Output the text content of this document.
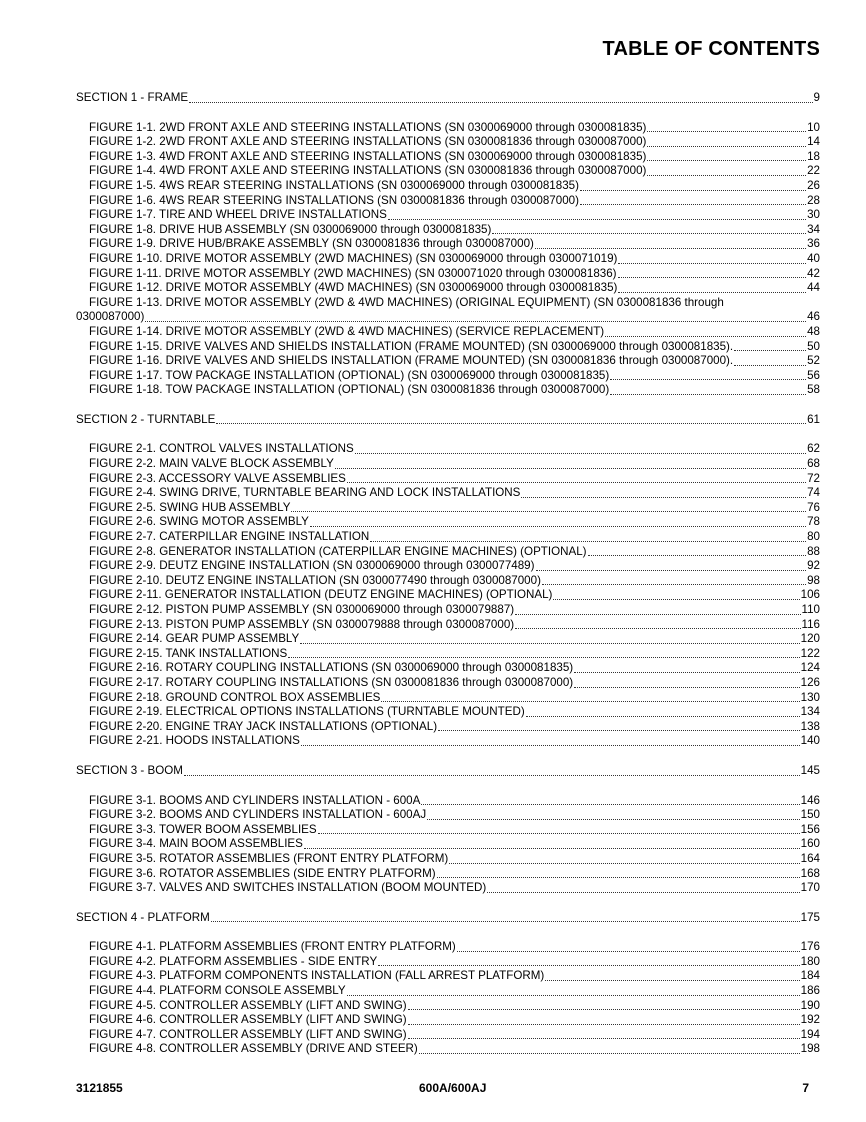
TABLE OF CONTENTS
SECTION 1 - FRAME	9
FIGURE 1-1. 2WD FRONT AXLE AND STEERING INSTALLATIONS (SN 0300069000 through 0300081835)	10
FIGURE 1-2. 2WD FRONT AXLE AND STEERING INSTALLATIONS (SN 0300081836 through 0300087000)	14
FIGURE 1-3. 4WD FRONT AXLE AND STEERING INSTALLATIONS (SN 0300069000 through 0300081835)	18
FIGURE 1-4. 4WD FRONT AXLE AND STEERING INSTALLATIONS (SN 0300081836 through 0300087000)	22
FIGURE 1-5. 4WS REAR STEERING INSTALLATIONS (SN 0300069000 through 0300081835)	26
FIGURE 1-6. 4WS REAR STEERING INSTALLATIONS (SN 0300081836 through 0300087000)	28
FIGURE 1-7. TIRE AND WHEEL DRIVE INSTALLATIONS	30
FIGURE 1-8. DRIVE HUB ASSEMBLY (SN 0300069000 through 0300081835)	34
FIGURE 1-9. DRIVE HUB/BRAKE ASSEMBLY (SN 0300081836 through 0300087000)	36
FIGURE 1-10. DRIVE MOTOR ASSEMBLY (2WD MACHINES) (SN 0300069000 through 0300071019)	40
FIGURE 1-11. DRIVE MOTOR ASSEMBLY (2WD MACHINES) (SN 0300071020 through 0300081836)	42
FIGURE 1-12. DRIVE MOTOR ASSEMBLY (4WD MACHINES) (SN 0300069000 through 0300081835)	44
FIGURE 1-13. DRIVE MOTOR ASSEMBLY (2WD & 4WD MACHINES) (ORIGINAL EQUIPMENT) (SN 0300081836 through
0300087000)	46
FIGURE 1-14. DRIVE MOTOR ASSEMBLY (2WD & 4WD MACHINES) (SERVICE REPLACEMENT)	48
FIGURE 1-15. DRIVE VALVES AND SHIELDS INSTALLATION (FRAME MOUNTED) (SN 0300069000 through 0300081835).	50
FIGURE 1-16. DRIVE VALVES AND SHIELDS INSTALLATION (FRAME MOUNTED) (SN 0300081836 through 0300087000).	52
FIGURE 1-17. TOW PACKAGE INSTALLATION (OPTIONAL) (SN 0300069000 through 0300081835)	56
FIGURE 1-18. TOW PACKAGE INSTALLATION (OPTIONAL) (SN 0300081836 through 0300087000)	58
SECTION 2 - TURNTABLE	61
FIGURE 2-1. CONTROL VALVES INSTALLATIONS	62
FIGURE 2-2. MAIN VALVE BLOCK ASSEMBLY	68
FIGURE 2-3. ACCESSORY VALVE ASSEMBLIES	72
FIGURE 2-4. SWING DRIVE, TURNTABLE BEARING AND LOCK INSTALLATIONS	74
FIGURE 2-5. SWING HUB ASSEMBLY	76
FIGURE 2-6. SWING MOTOR ASSEMBLY	78
FIGURE 2-7. CATERPILLAR ENGINE INSTALLATION	80
FIGURE 2-8. GENERATOR INSTALLATION (CATERPILLAR ENGINE MACHINES) (OPTIONAL)	88
FIGURE 2-9. DEUTZ ENGINE INSTALLATION (SN 0300069000 through 0300077489)	92
FIGURE 2-10. DEUTZ ENGINE INSTALLATION (SN 0300077490 through 0300087000)	98
FIGURE 2-11. GENERATOR INSTALLATION (DEUTZ ENGINE MACHINES) (OPTIONAL)	106
FIGURE 2-12. PISTON PUMP ASSEMBLY (SN 0300069000 through 0300079887)	110
FIGURE 2-13. PISTON PUMP ASSEMBLY (SN 0300079888 through 0300087000)	116
FIGURE 2-14. GEAR PUMP ASSEMBLY	120
FIGURE 2-15. TANK INSTALLATIONS	122
FIGURE 2-16. ROTARY COUPLING INSTALLATIONS (SN 0300069000 through 0300081835)	124
FIGURE 2-17. ROTARY COUPLING INSTALLATIONS (SN 0300081836 through 0300087000)	126
FIGURE 2-18. GROUND CONTROL BOX ASSEMBLIES	130
FIGURE 2-19. ELECTRICAL OPTIONS INSTALLATIONS (TURNTABLE MOUNTED)	134
FIGURE 2-20. ENGINE TRAY JACK INSTALLATIONS (OPTIONAL)	138
FIGURE 2-21. HOODS INSTALLATIONS	140
SECTION 3 - BOOM	145
FIGURE 3-1. BOOMS AND CYLINDERS INSTALLATION - 600A	146
FIGURE 3-2. BOOMS AND CYLINDERS INSTALLATION - 600AJ	150
FIGURE 3-3. TOWER BOOM ASSEMBLIES	156
FIGURE 3-4. MAIN BOOM ASSEMBLIES	160
FIGURE 3-5. ROTATOR ASSEMBLIES (FRONT ENTRY PLATFORM)	164
FIGURE 3-6. ROTATOR ASSEMBLIES (SIDE ENTRY PLATFORM)	168
FIGURE 3-7. VALVES AND SWITCHES INSTALLATION (BOOM MOUNTED)	170
SECTION 4 - PLATFORM	175
FIGURE 4-1. PLATFORM ASSEMBLIES (FRONT ENTRY PLATFORM)	176
FIGURE 4-2. PLATFORM ASSEMBLIES - SIDE ENTRY	180
FIGURE 4-3. PLATFORM COMPONENTS INSTALLATION (FALL ARREST PLATFORM)	184
FIGURE 4-4. PLATFORM CONSOLE ASSEMBLY	186
FIGURE 4-5. CONTROLLER ASSEMBLY (LIFT AND SWING)	190
FIGURE 4-6. CONTROLLER ASSEMBLY (LIFT AND SWING)	192
FIGURE 4-7. CONTROLLER ASSEMBLY (LIFT AND SWING)	194
FIGURE 4-8. CONTROLLER ASSEMBLY (DRIVE AND STEER)	198
3121855	600A/600AJ	7
